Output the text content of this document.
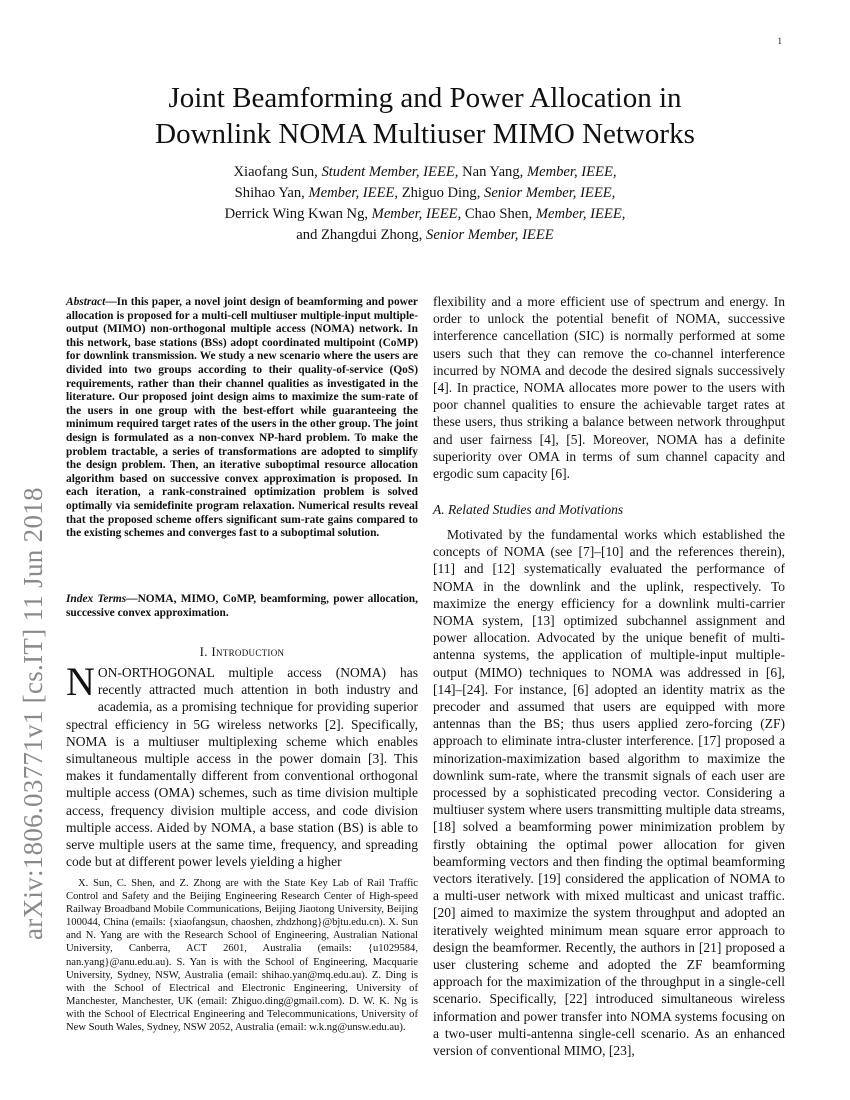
1
arXiv:1806.03771v1 [cs.IT] 11 Jun 2018
Joint Beamforming and Power Allocation in
Downlink NOMA Multiuser MIMO Networks
Xiaofang Sun, Student Member, IEEE, Nan Yang, Member, IEEE,
Shihao Yan, Member, IEEE, Zhiguo Ding, Senior Member, IEEE,
Derrick Wing Kwan Ng, Member, IEEE, Chao Shen, Member, IEEE,
and Zhangdui Zhong, Senior Member, IEEE
Abstract—In this paper, a novel joint design of beamforming and power allocation is proposed for a multi-cell multiuser multiple-input multiple-output (MIMO) non-orthogonal multiple access (NOMA) network. In this network, base stations (BSs) adopt coordinated multipoint (CoMP) for downlink transmission. We study a new scenario where the users are divided into two groups according to their quality-of-service (QoS) requirements, rather than their channel qualities as investigated in the literature. Our proposed joint design aims to maximize the sum-rate of the users in one group with the best-effort while guaranteeing the minimum required target rates of the users in the other group. The joint design is formulated as a non-convex NP-hard problem. To make the problem tractable, a series of transformations are adopted to simplify the design problem. Then, an iterative suboptimal resource allocation algorithm based on successive convex approximation is proposed. In each iteration, a rank-constrained optimization problem is solved optimally via semidefinite program relaxation. Numerical results reveal that the proposed scheme offers significant sum-rate gains compared to the existing schemes and converges fast to a suboptimal solution.
Index Terms—NOMA, MIMO, CoMP, beamforming, power allocation, successive convex approximation.
I. Introduction
NON-ORTHOGONAL multiple access (NOMA) has recently attracted much attention in both industry and academia, as a promising technique for providing superior spectral efficiency in 5G wireless networks [2]. Specifically, NOMA is a multiuser multiplexing scheme which enables simultaneous multiple access in the power domain [3]. This makes it fundamentally different from conventional orthogonal multiple access (OMA) schemes, such as time division multiple access, frequency division multiple access, and code division multiple access. Aided by NOMA, a base station (BS) is able to serve multiple users at the same time, frequency, and spreading code but at different power levels yielding a higher
X. Sun, C. Shen, and Z. Zhong are with the State Key Lab of Rail Traffic Control and Safety and the Beijing Engineering Research Center of High-speed Railway Broadband Mobile Communications, Beijing Jiaotong University, Beijing 100044, China (emails: {xiaofangsun, chaoshen, zhdzhong}@bjtu.edu.cn). X. Sun and N. Yang are with the Research School of Engineering, Australian National University, Canberra, ACT 2601, Australia (emails: {u1029584, nan.yang}@anu.edu.au). S. Yan is with the School of Engineering, Macquarie University, Sydney, NSW, Australia (email: shihao.yan@mq.edu.au). Z. Ding is with the School of Electrical and Electronic Engineering, University of Manchester, Manchester, UK (email: Zhiguo.ding@gmail.com). D. W. K. Ng is with the School of Electrical Engineering and Telecommunications, University of New South Wales, Sydney, NSW 2052, Australia (email: w.k.ng@unsw.edu.au).
flexibility and a more efficient use of spectrum and energy. In order to unlock the potential benefit of NOMA, successive interference cancellation (SIC) is normally performed at some users such that they can remove the co-channel interference incurred by NOMA and decode the desired signals successively [4]. In practice, NOMA allocates more power to the users with poor channel qualities to ensure the achievable target rates at these users, thus striking a balance between network throughput and user fairness [4], [5]. Moreover, NOMA has a definite superiority over OMA in terms of sum channel capacity and ergodic sum capacity [6].
A. Related Studies and Motivations
Motivated by the fundamental works which established the concepts of NOMA (see [7]–[10] and the references therein), [11] and [12] systematically evaluated the performance of NOMA in the downlink and the uplink, respectively. To maximize the energy efficiency for a downlink multi-carrier NOMA system, [13] optimized subchannel assignment and power allocation. Advocated by the unique benefit of multi-antenna systems, the application of multiple-input multiple-output (MIMO) techniques to NOMA was addressed in [6], [14]–[24]. For instance, [6] adopted an identity matrix as the precoder and assumed that users are equipped with more antennas than the BS; thus users applied zero-forcing (ZF) approach to eliminate intra-cluster interference. [17] proposed a minorization-maximization based algorithm to maximize the downlink sum-rate, where the transmit signals of each user are processed by a sophisticated precoding vector. Considering a multiuser system where users transmitting multiple data streams, [18] solved a beamforming power minimization problem by firstly obtaining the optimal power allocation for given beamforming vectors and then finding the optimal beamforming vectors iteratively. [19] considered the application of NOMA to a multi-user network with mixed multicast and unicast traffic. [20] aimed to maximize the system throughput and adopted an iteratively weighted minimum mean square error approach to design the beamformer. Recently, the authors in [21] proposed a user clustering scheme and adopted the ZF beamforming approach for the maximization of the throughput in a single-cell scenario. Specifically, [22] introduced simultaneous wireless information and power transfer into NOMA systems focusing on a two-user multi-antenna single-cell scenario. As an enhanced version of conventional MIMO, [23],
